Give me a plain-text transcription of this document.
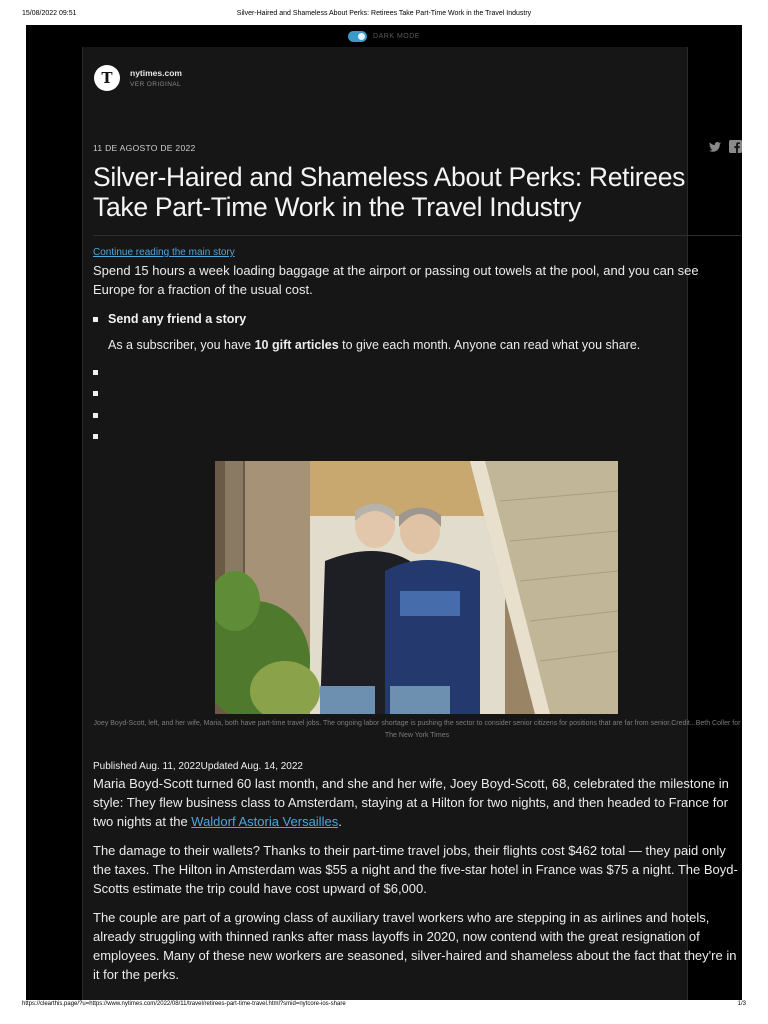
15/08/2022 09:51	Silver-Haired and Shameless About Perks: Retirees Take Part-Time Work in the Travel Industry
DARK MODE
T nytimes.com
VER ORIGINAL
11 DE AGOSTO DE 2022
Silver-Haired and Shameless About Perks: Retirees Take Part-Time Work in the Travel Industry
Continue reading the main story

Spend 15 hours a week loading baggage at the airport or passing out towels at the pool, and you can see Europe for a fraction of the usual cost.

Send any friend a story
As a subscriber, you have 10 gift articles to give each month. Anyone can read what you share.
Joey Boyd-Scott, left, and her wife, Maria, both have part-time travel jobs. The ongoing labor shortage is pushing the sector to consider senior citizens for positions that are far from senior.Credit...Beth Coller for The New York Times
Published Aug. 11, 2022Updated Aug. 14, 2022

Maria Boyd-Scott turned 60 last month, and she and her wife, Joey Boyd-Scott, 68, celebrated the milestone in style: They flew business class to Amsterdam, staying at a Hilton for two nights, and then headed to France for two nights at the Waldorf Astoria Versailles.

The damage to their wallets? Thanks to their part-time travel jobs, their flights cost $462 total — they paid only the taxes. The Hilton in Amsterdam was $55 a night and the five-star hotel in France was $75 a night. The Boyd-Scotts estimate the trip could have cost upward of $6,000.

The couple are part of a growing class of auxiliary travel workers who are stepping in as airlines and hotels, already struggling with thinned ranks after mass layoffs in 2020, now contend with the great resignation of employees. Many of these new workers are seasoned, silver-haired and shameless about the fact that they're in it for the perks.

https://clearthis.page/?u=https://www.nytimes.com/2022/08/11/travel/retirees-part-time-travel.html?smid=nytcore-ios-share	1/3
